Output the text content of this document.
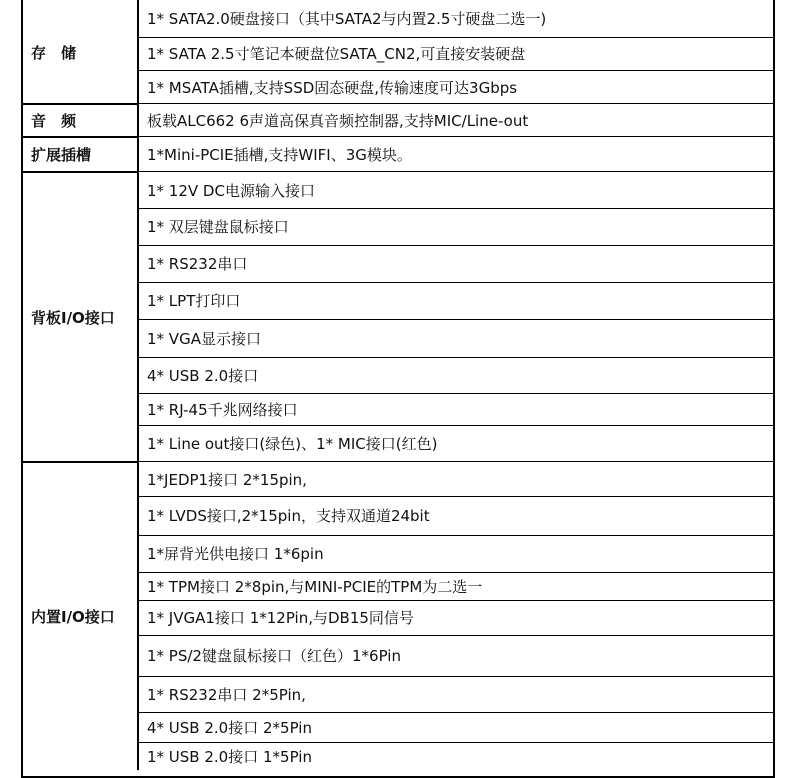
存　储
1* SATA2.0硬盘接口（其中SATA2与内置2.5寸硬盘二选一)
1* SATA 2.5寸笔记本硬盘位SATA_CN2,可直接安装硬盘
1* MSATA插槽,支持SSD固态硬盘,传输速度可达3Gbps
音　频	板载ALC662 6声道高保真音频控制器,支持MIC/Line-out
扩展插槽	1*Mini-PCIE插槽,支持WIFI、3G模块。
背板I/O接口
1* 12V DC电源输入接口
1* 双层键盘鼠标接口
1* RS232串口
1* LPT打印口
1* VGA显示接口
4* USB 2.0接口
1* RJ-45千兆网络接口
1* Line out接口(绿色)、1* MIC接口(红色)
内置I/O接口
1*JEDP1接口 2*15pin,
1* LVDS接口,2*15pin，支持双通道24bit
1*屏背光供电接口 1*6pin
1* TPM接口 2*8pin,与MINI-PCIE的TPM为二选一
1* JVGA1接口 1*12Pin,与DB15同信号
1* PS/2键盘鼠标接口（红色）1*6Pin
1* RS232串口 2*5Pin,
4* USB 2.0接口 2*5Pin
1* USB 2.0接口 1*5Pin
